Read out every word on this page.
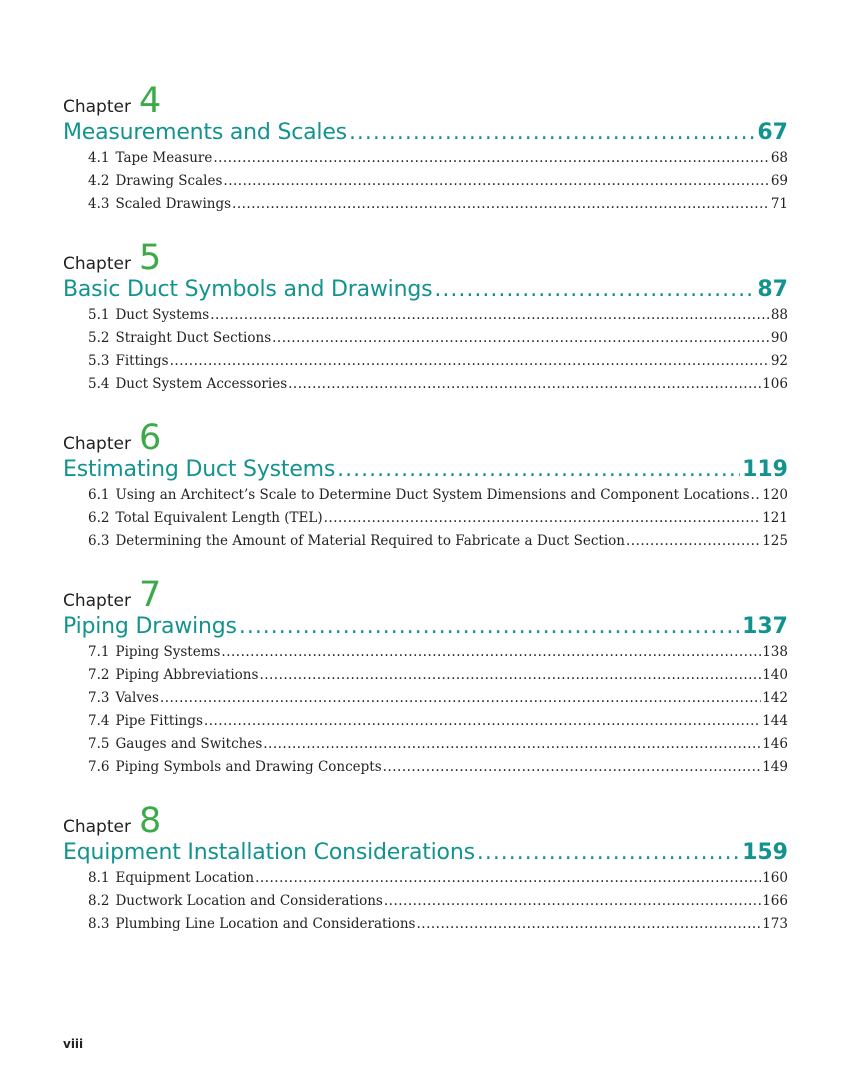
Chapter 4
Measurements and Scales .....	67
4.1 Tape Measure .....	68
4.2 Drawing Scales .....	69
4.3 Scaled Drawings .....	71
Chapter 5
Basic Duct Symbols and Drawings .....	87
5.1 Duct Systems .....	88
5.2 Straight Duct Sections .....	90
5.3 Fittings .....	92
5.4 Duct System Accessories .....	106
Chapter 6
Estimating Duct Systems .....	119
6.1 Using an Architect’s Scale to Determine Duct System Dimensions and Component Locations ..... 120
6.2 Total Equivalent Length (TEL) .....	121
6.3 Determining the Amount of Material Required to Fabricate a Duct Section .....	125
Chapter 7
Piping Drawings .....	137
7.1 Piping Systems .....	138
7.2 Piping Abbreviations .....	140
7.3 Valves .....	142
7.4 Pipe Fittings .....	144
7.5 Gauges and Switches .....	146
7.6 Piping Symbols and Drawing Concepts .....	149
Chapter 8
Equipment Installation Considerations .....	159
8.1 Equipment Location .....	160
8.2 Ductwork Location and Considerations .....	166
8.3 Plumbing Line Location and Considerations .....	173
viii
